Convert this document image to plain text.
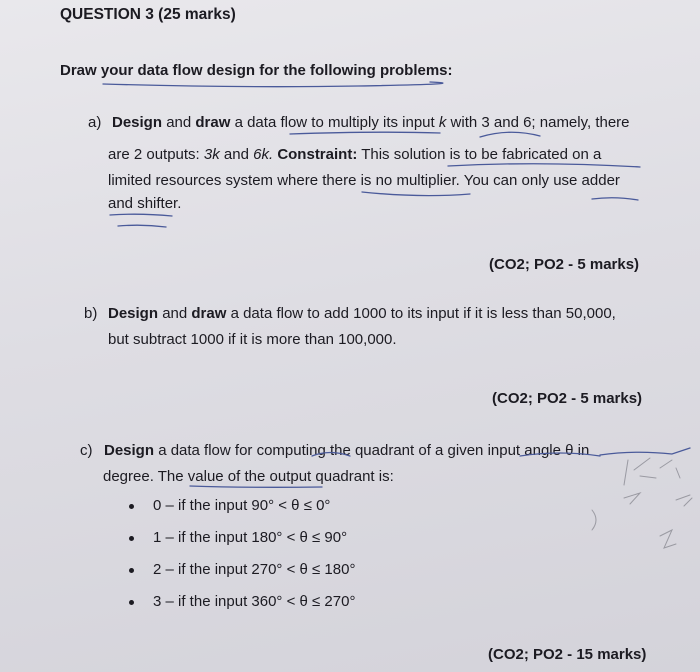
QUESTION 3 (25 marks)
Draw your data flow design for the following problems:
a) Design and draw a data flow to multiply its input k with 3 and 6; namely, there
are 2 outputs: 3k and 6k. Constraint: This solution is to be fabricated on a
limited resources system where there is no multiplier. You can only use adder
and shifter.
(CO2; PO2 - 5 marks)
b) Design and draw a data flow to add 1000 to its input if it is less than 50,000,
but subtract 1000 if it is more than 100,000.
(CO2; PO2 - 5 marks)
c) Design a data flow for computing the quadrant of a given input angle θ in
degree. The value of the output quadrant is:
0 – if the input 90° < θ ≤ 0°
1 – if the input 180° < θ ≤ 90°
2 – if the input 270° < θ ≤ 180°
3 – if the input 360° < θ ≤ 270°
(CO2; PO2 - 15 marks)
